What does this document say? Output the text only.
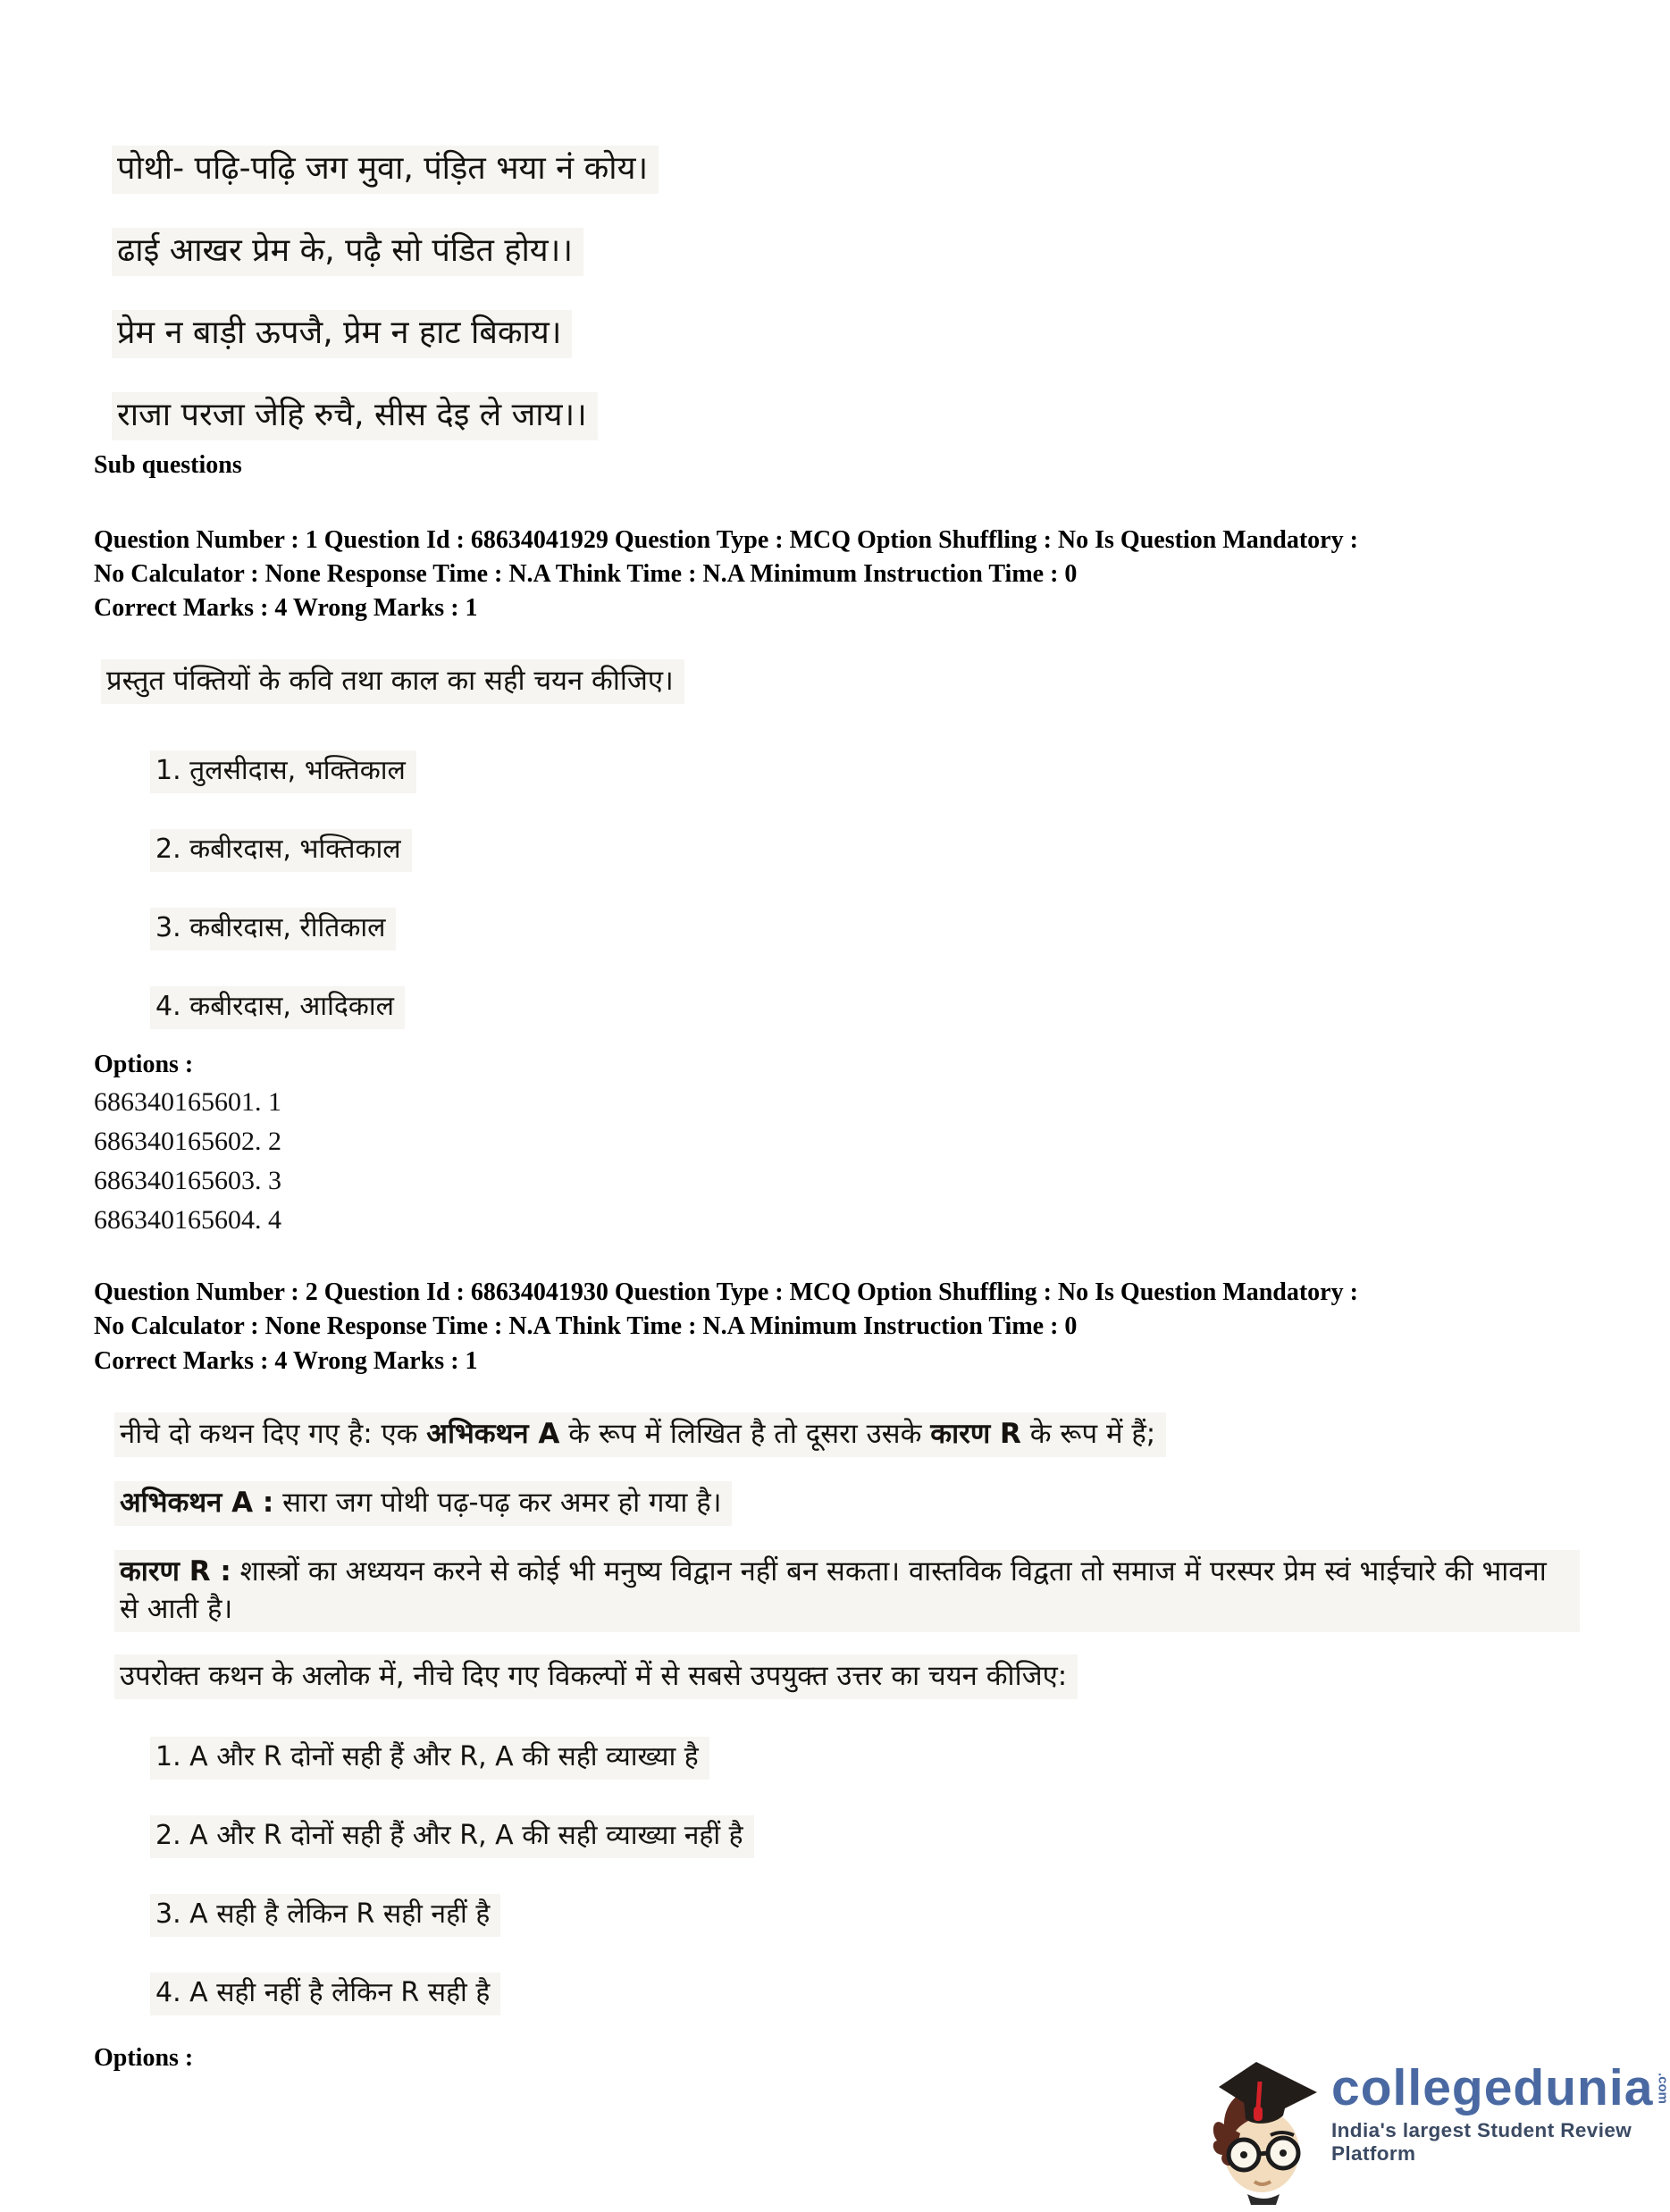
पोथी- पढ़ि-पढ़ि जग मुवा, पंड़ित भया नं कोय।
ढाई आखर प्रेम के, पढ़ै सो पंडित होय।।
प्रेम न बाड़ी ऊपजै, प्रेम न हाट बिकाय।
राजा परजा जेहि रुचै, सीस देइ ले जाय।।
Sub questions
Question Number : 1 Question Id : 68634041929 Question Type : MCQ Option Shuffling : No Is Question Mandatory :
No Calculator : None Response Time : N.A Think Time : N.A Minimum Instruction Time : 0
Correct Marks : 4 Wrong Marks : 1
प्रस्तुत पंक्तियों के कवि तथा काल का सही चयन कीजिए।
1. तुलसीदास, भक्तिकाल
2. कबीरदास, भक्तिकाल
3. कबीरदास, रीतिकाल
4. कबीरदास, आदिकाल
Options :
686340165601. 1
686340165602. 2
686340165603. 3
686340165604. 4
Question Number : 2 Question Id : 68634041930 Question Type : MCQ Option Shuffling : No Is Question Mandatory :
No Calculator : None Response Time : N.A Think Time : N.A Minimum Instruction Time : 0
Correct Marks : 4 Wrong Marks : 1
नीचे दो कथन दिए गए है: एक अभिकथन A के रूप में लिखित है तो दूसरा उसके कारण R के रूप में हैं;
अभिकथन A : सारा जग पोथी पढ़-पढ़ कर अमर हो गया है।
कारण R : शास्त्रों का अध्ययन करने से कोई भी मनुष्य विद्वान नहीं बन सकता। वास्तविक विद्वता तो समाज में परस्पर प्रेम स्वं भाईचारे की भावना से आती है।
उपरोक्त कथन के अलोक में, नीचे दिए गए विकल्पों में से सबसे उपयुक्त उत्तर का चयन कीजिए:
1. A और R दोनों सही हैं और R, A की सही व्याख्या है
2. A और R दोनों सही हैं और R, A की सही व्याख्या नहीं है
3. A सही है लेकिन R सही नहीं है
4. A सही नहीं है लेकिन R सही है
Options :
collegedunia .com
India's largest Student Review Platform
